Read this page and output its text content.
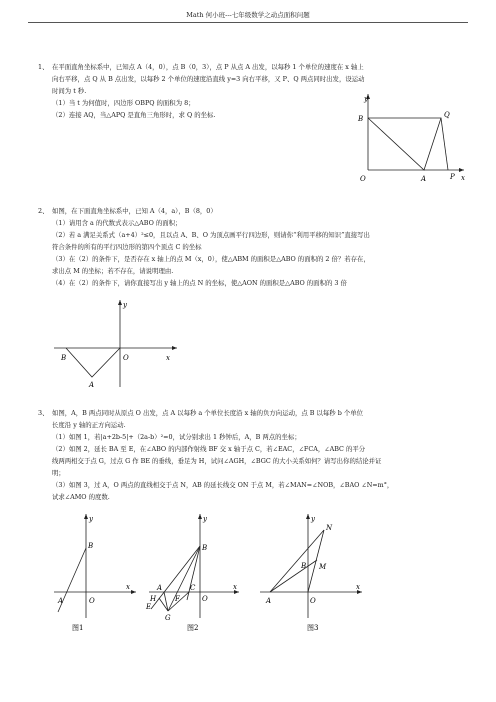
Math 何小班---七年级数学之动点面积问题
1、 在平面直角坐标系中，已知点 A（4，0），点 B（0，3），点 P 从点 A 出发，以每秒 1 个单位的速度在 x 轴上
向右平移，点 Q 从 B 点出发，以每秒 2 个单位的速度沿直线 y=3 向右平移，又 P、Q 两点同时出发，设运动
时间为 t 秒.
（1）当 t 为何值时，四边形 OBPQ 的面积为 8；
（2）连接 AQ，当△APQ 是直角三角形时，求 Q 的坐标.
y
x
B	Q
O	A	P
2、 如图，在下面直角坐标系中，已知 A（4，a），B（8，0）
（1）请用含 a 的代数式表示△ABO 的面积；
（2）若 a 满足关系式（a+4）²≤0，且以点 A、B、O 为顶点画平行四边形，则请你“利用平移的知识”直接写出
符合条件的所有的平行四边形的第四个顶点 C 的坐标
（3）在（2）的条件下，是否存在 x 轴上的点 M（x，0），使△ABM 的面积是△ABO 的面积的 2 倍？若存在，
求出点 M 的坐标；若不存在，请说明理由.
（4）在（2）的条件下，请你直接写出 y 轴上的点 N 的坐标，使△AON 的面积是△ABO 的面积的 3 倍
y
x
B	O
A
3、 如图，A，B 两点同时从原点 O 出发，点 A 以每秒 a 个单位长度沿 x 轴的负方向运动，点 B 以每秒 b 个单位
长度沿 y 轴的正方向运动.
（1）如图 1，若|a+2b-5|+（2a-b）²=0，试分别求出 1 秒钟后，A，B 两点的坐标；
（2）如图 2，延长 BA 至 E，在∠ABO 的内部作射线 BF 交 x 轴于点 C，若∠EAC，∠FCA，∠ABC 的平分
线两两相交于点 G，过点 G 作 BE 的垂线，垂足为 H，试问∠AGH，∠BGC 的大小关系如何？请写出你的结论并证
明；
（3）如图 3，过 A，O 两点的直线相交于点 N，AB 的延长线交 ON 于点 M，若∠MAN=∠NOB，∠BAO ∠N=m°，
试求∠AMO 的度数.
y
x
B
A	O
图1
y
x
B
A	C
O
H	F
E
G
图2
y
x
N
B M
A	O
图3
